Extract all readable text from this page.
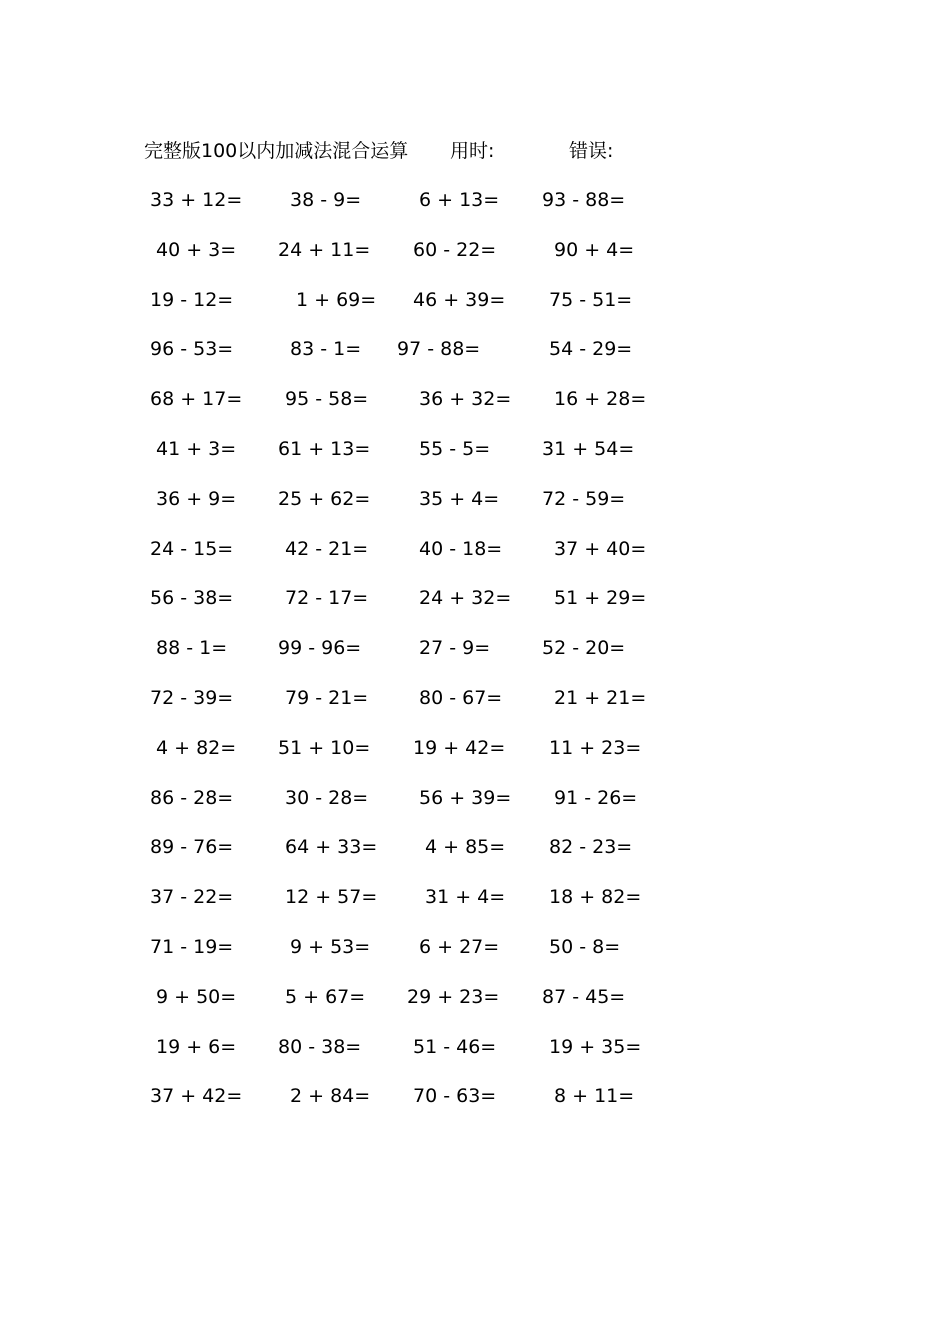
完整版100以内加减法混合运算 用时:	错误:
33 + 12=	38 - 9=	6 + 13=	93 - 88=
40 + 3=	24 + 11=	60 - 22=	90 + 4=
19 - 12=	1 + 69=	46 + 39=	75 - 51=
96 - 53=	83 - 1=	97 - 88=	54 - 29=
68 + 17=	95 - 58=	36 + 32=	16 + 28=
41 + 3=	61 + 13=	55 - 5=	31 + 54=
36 + 9=	25 + 62=	35 + 4=	72 - 59=
24 - 15=	42 - 21=	40 - 18=	37 + 40=
56 - 38=	72 - 17=	24 + 32=	51 + 29=
88 - 1=	99 - 96=	27 - 9=	52 - 20=
72 - 39=	79 - 21=	80 - 67=	21 + 21=
4 + 82=	51 + 10=	19 + 42=	11 + 23=
86 - 28=	30 - 28=	56 + 39=	91 - 26=
89 - 76=	64 + 33=	4 + 85=	82 - 23=
37 - 22=	12 + 57=	31 + 4=	18 + 82=
71 - 19=	9 + 53=	6 + 27=	50 - 8=
9 + 50=	5 + 67=	29 + 23=	87 - 45=
19 + 6=	80 - 38=	51 - 46=	19 + 35=
37 + 42=	2 + 84=	70 - 63=	8 + 11=
